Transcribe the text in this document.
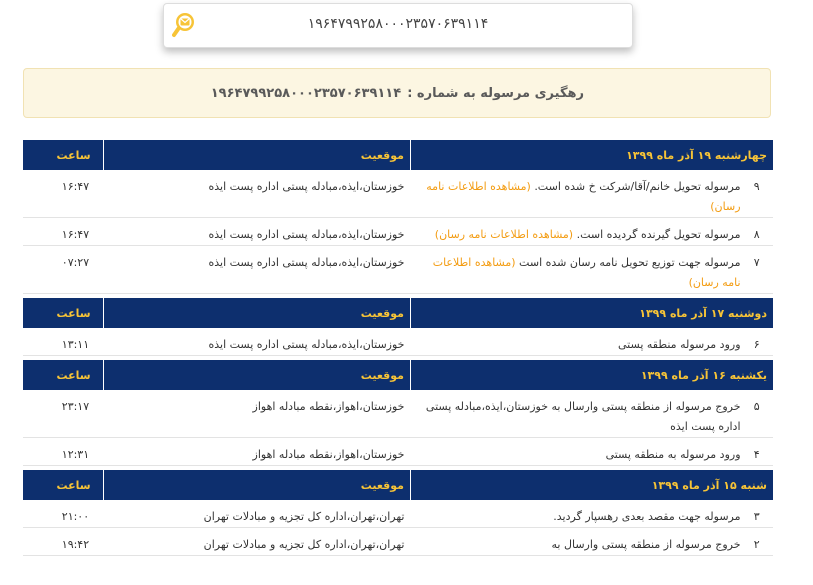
۱۹۶۴۷۹۹۲۵۸۰۰۰۲۳۵۷۰۶۳۹۱۱۴
رهگیری مرسوله به شماره :
۱۹۶۴۷۹۹۲۵۸۰۰۰۲۳۵۷۰۶۳۹۱۱۴
چهارشنبه ۱۹ آذر ماه ۱۳۹۹		موقعیت	ساعت
۹	مرسوله تحویل خانم/آقا/شرکت خ شده است. (مشاهده اطلاعات نامه رسان)	خوزستان،ایذه،مبادله پستی اداره پست ایذه	۱۶:۴۷
۸	مرسوله تحویل گیرنده گردیده است. (مشاهده اطلاعات نامه رسان)	خوزستان،ایذه،مبادله پستی اداره پست ایذه	۱۶:۴۷
۷	مرسوله جهت توزیع تحویل نامه رسان شده است (مشاهده اطلاعات نامه رسان)	خوزستان،ایذه،مبادله پستی اداره پست ایذه	۰۷:۲۷

دوشنبه ۱۷ آذر ماه ۱۳۹۹		موقعیت	ساعت
۶	ورود مرسوله منطقه پستی	خوزستان،ایذه،مبادله پستی اداره پست ایذه	۱۳:۱۱

یکشنبه ۱۶ آذر ماه ۱۳۹۹		موقعیت	ساعت
۵	خروج مرسوله از منطقه پستی وارسال به خوزستان،ایذه،مبادله پستی اداره پست ایذه	خوزستان،اهواز،نقطه مبادله اهواز	۲۳:۱۷
۴	ورود مرسوله به منطقه پستی	خوزستان،اهواز،نقطه مبادله اهواز	۱۲:۳۱

شنبه ۱۵ آذر ماه ۱۳۹۹		موقعیت	ساعت
۳	مرسوله جهت مقصد بعدی رهسپار گردید.	تهران،تهران،اداره کل تجزیه و مبادلات تهران	۲۱:۰۰
۲	خروج مرسوله از منطقه پستی وارسال به	تهران،تهران،اداره کل تجزیه و مبادلات تهران	۱۹:۴۲
